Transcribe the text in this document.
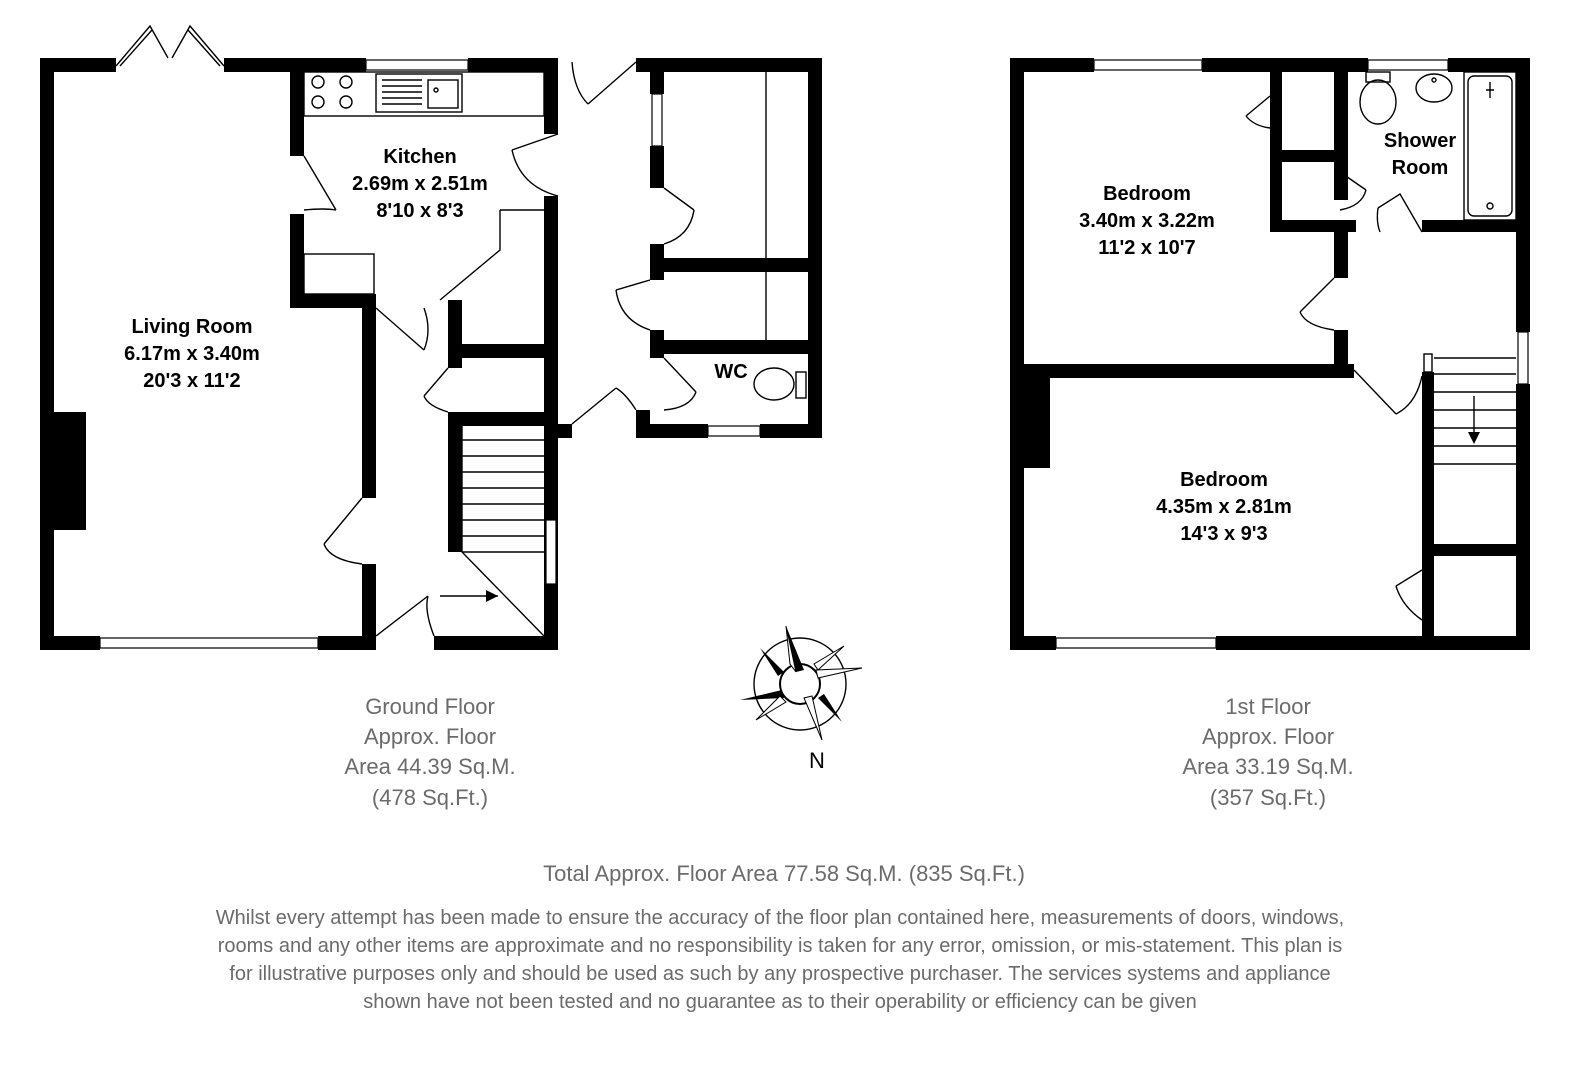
Living Room
6.17m x 3.40m
20'3 x 11'2
Kitchen
2.69m x 2.51m
8'10 x 8'3
WC
Bedroom
3.40m x 3.22m
11'2 x 10'7
Bedroom
4.35m x 2.81m
14'3 x 9'3
Shower
Room
N
Ground Floor
Approx. Floor
Area 44.39 Sq.M.
(478 Sq.Ft.)
1st Floor
Approx. Floor
Area 33.19 Sq.M.
(357 Sq.Ft.)
Total Approx. Floor Area 77.58 Sq.M. (835 Sq.Ft.)
Whilst every attempt has been made to ensure the accuracy of the floor plan contained here, measurements of doors, windows, rooms and any other items are approximate and no responsibility is taken for any error, omission, or mis-statement. This plan is for illustrative purposes only and should be used as such by any prospective purchaser. The services systems and appliance shown have not been tested and no guarantee as to their operability or efficiency can be given
